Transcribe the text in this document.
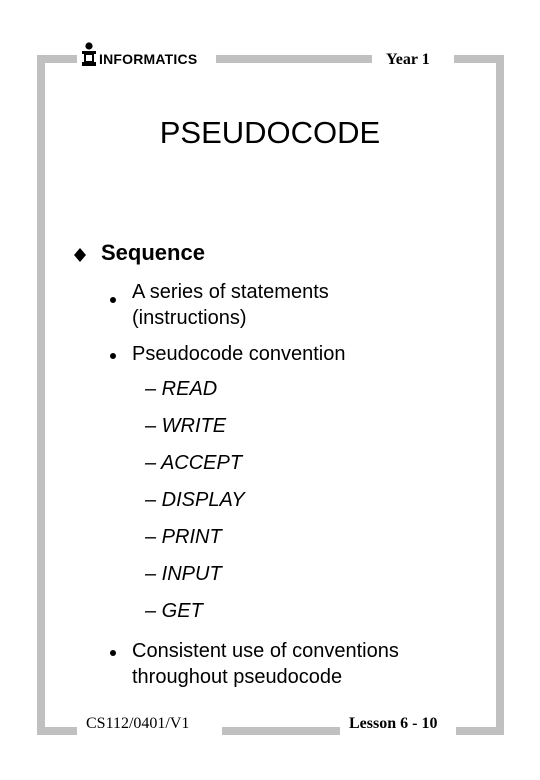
INFORMATICS	Year 1
PSEUDOCODE
Sequence
A series of statements
(instructions)
Pseudocode convention
– READ
– WRITE
– ACCEPT
– DISPLAY
– PRINT
– INPUT
– GET
Consistent use of conventions
throughout pseudocode
CS112/0401/V1	Lesson 6 - 10
